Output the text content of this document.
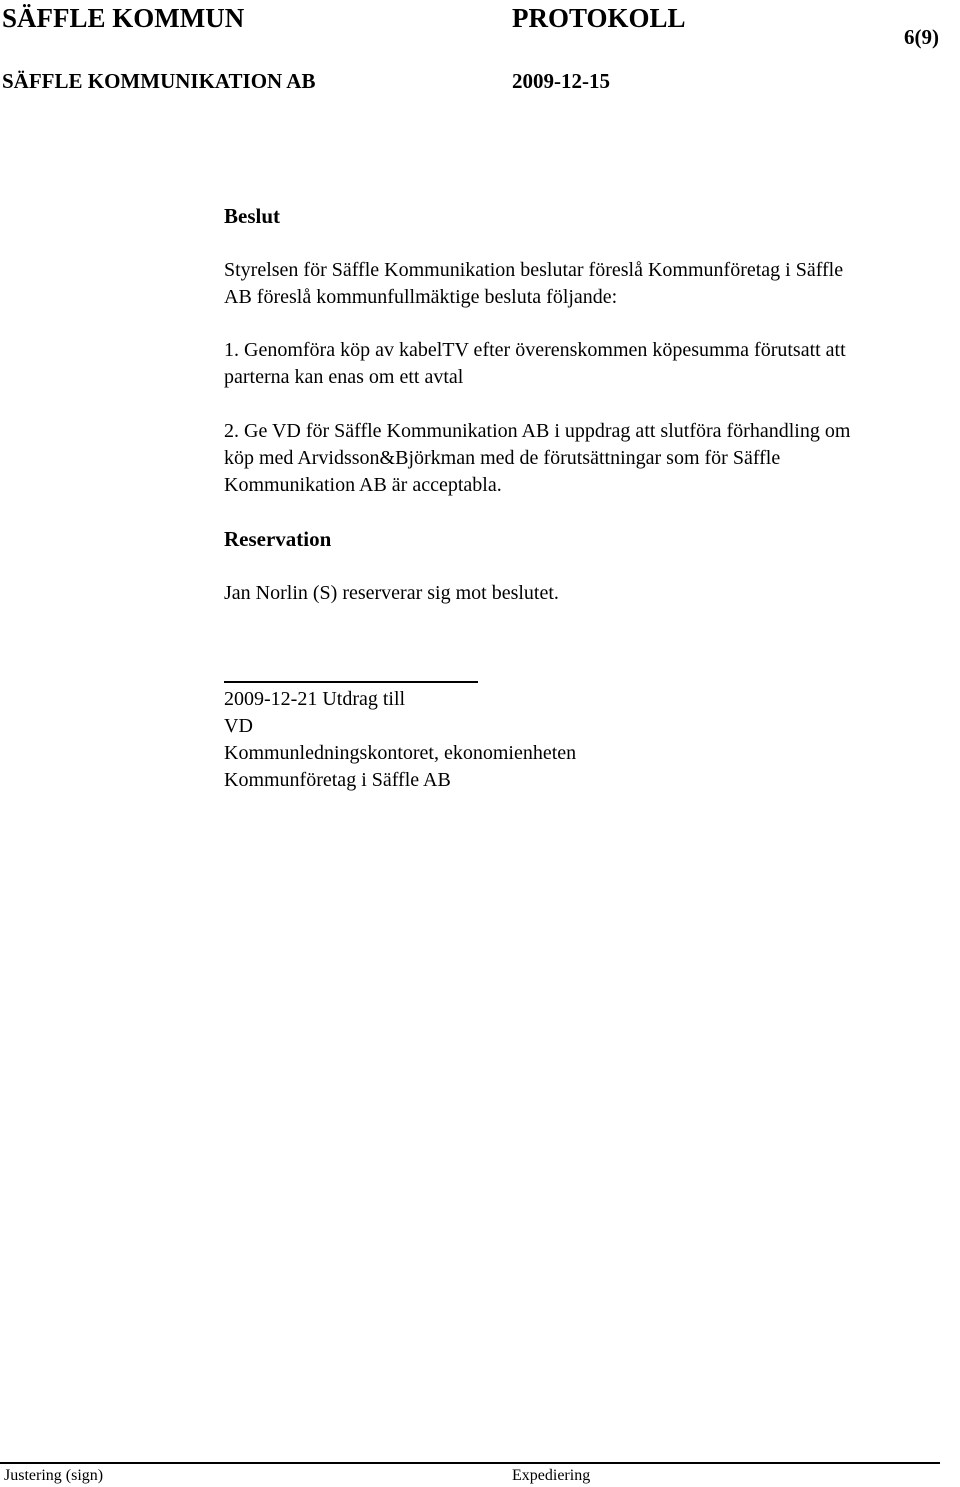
SÄFFLE KOMMUN	PROTOKOLL
6(9)
SÄFFLE KOMMUNIKATION AB	2009-12-15
Beslut
Styrelsen för Säffle Kommunikation beslutar föreslå Kommunföretag i Säffle
AB föreslå kommunfullmäktige besluta följande:
1. Genomföra köp av kabelTV efter överenskommen köpesumma förutsatt att
parterna kan enas om ett avtal
2. Ge VD för Säffle Kommunikation AB i uppdrag att slutföra förhandling om
köp med Arvidsson&Björkman med de förutsättningar som för Säffle
Kommunikation AB är acceptabla.
Reservation
Jan Norlin (S) reserverar sig mot beslutet.
2009-12-21 Utdrag till
VD
Kommunledningskontoret, ekonomienheten
Kommunföretag i Säffle AB
Justering (sign)	Expediering
